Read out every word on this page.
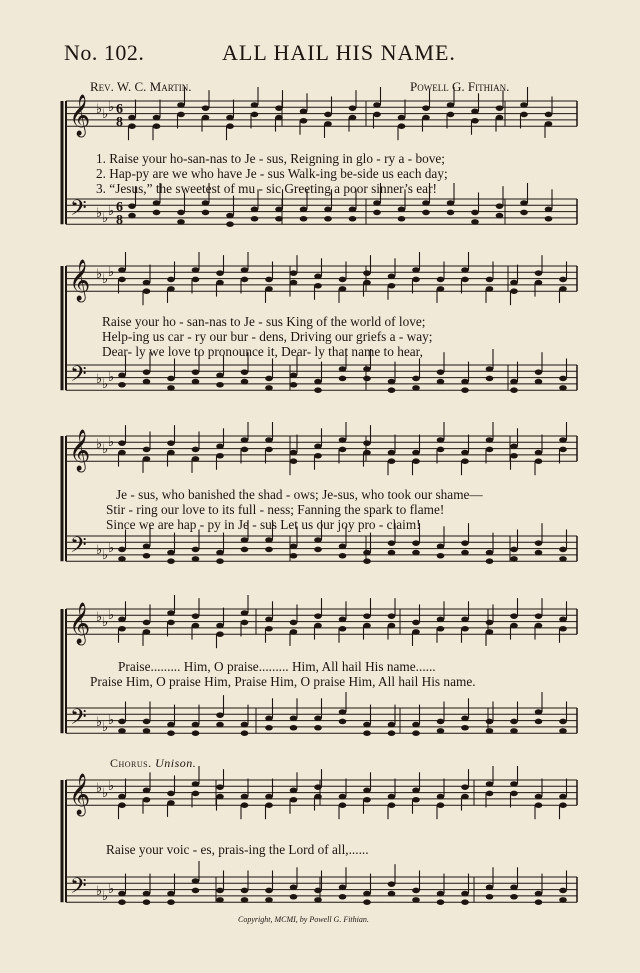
No. 102.	ALL HAIL HIS NAME.
Rev. W. C. Martin.	Powell G. Fithian.
𝄞
𝄢
♭
♭
♭
♭
♭
♭
6
8
6
8
𝄞
𝄢
♭
♭
♭
♭
♭
♭
𝄞
𝄢
♭
♭
♭
♭
♭
♭
𝄞
𝄢
♭
♭
♭
♭
♭
♭
𝄞
𝄢
♭
♭
♭
♭
♭
♭
1. Raise your ho-san-nas to Je - sus, Reigning in glo - ry a - bove;
2. Hap-py are we who have Je - sus Walk-ing be-side us each day;
3. “Jesus,” the sweetest of mu - sic Greeting a poor sinner’s ear!
Raise your ho - san-nas to Je - sus King of the world of love;
Help-ing us car - ry our bur - dens, Driving our griefs a - way;
Dear- ly we love to pronounce it, Dear- ly that name to hear,
Je - sus, who banished the shad - ows; Je-sus, who took our shame—
Stir - ring our love to its full - ness; Fanning the spark to flame!
Since we are hap - py in Je - sus Let us our joy pro - claim!
Praise......... Him, O praise......... Him, All hail His name......
Praise Him, O praise Him, Praise Him, O praise Him, All hail His name.
Chorus. Unison.
Raise your voic - es, prais-ing the Lord of all,......
Copyright, MCMI, by Powell G. Fithian.
